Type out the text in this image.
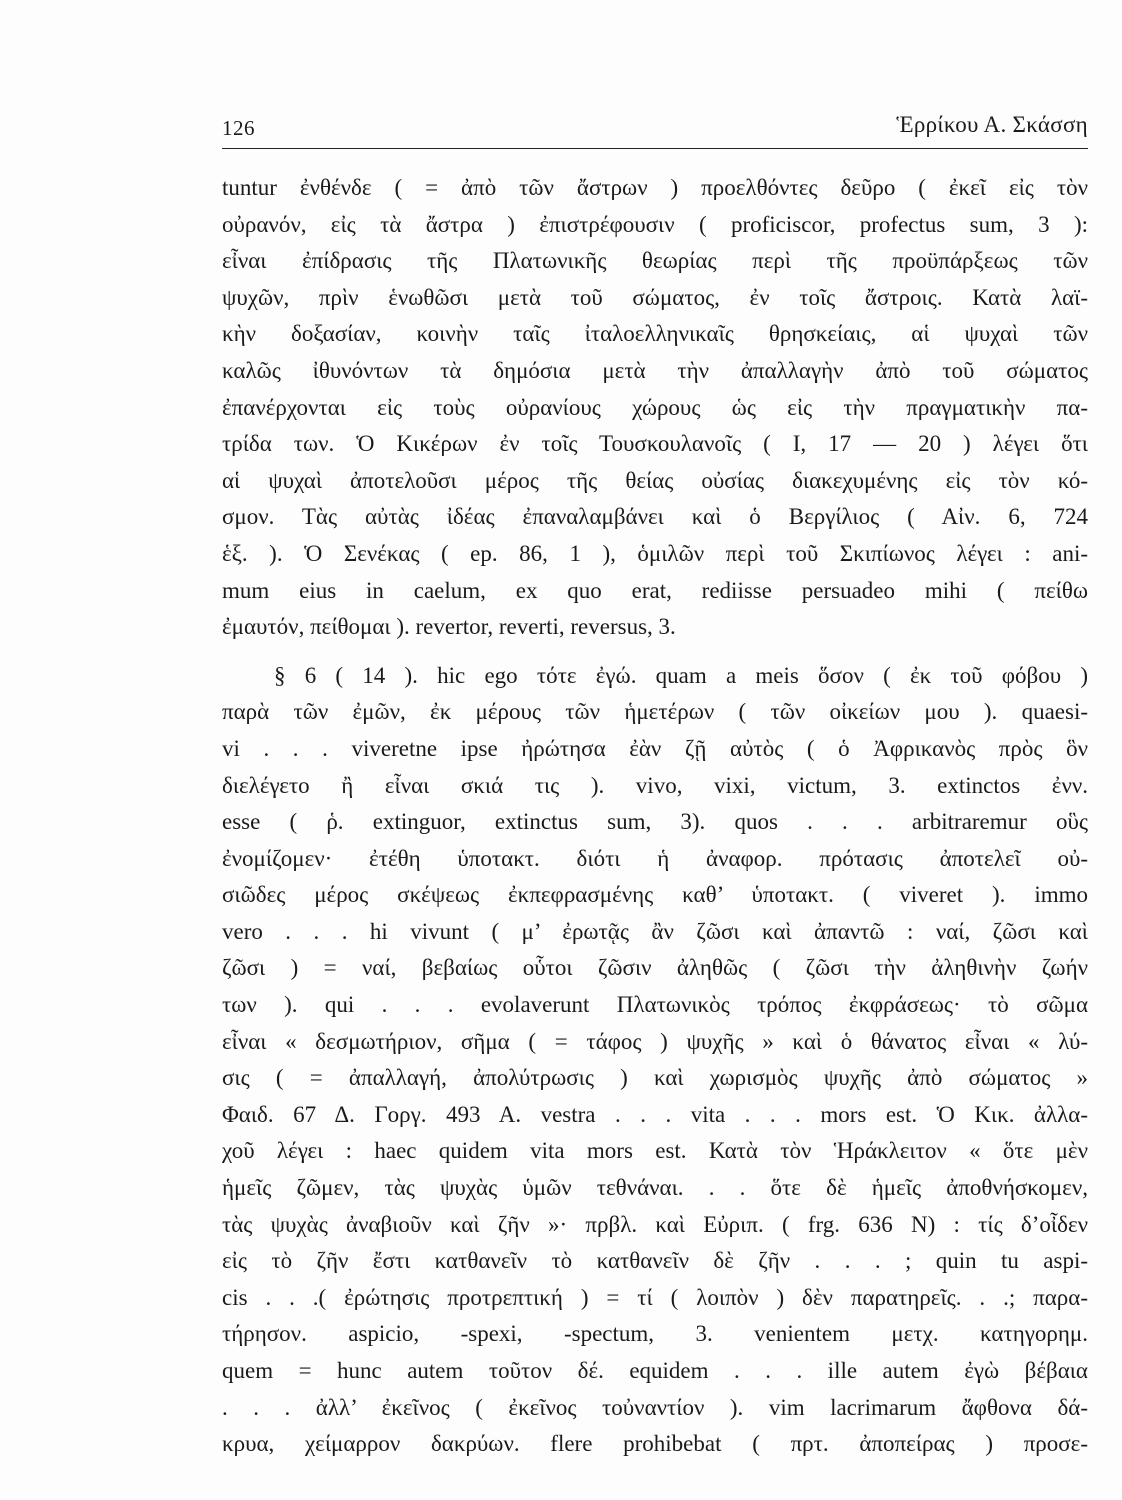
126	Ἑρρίκου Α. Σκάσση
tuntur ἐνθένδε ( = ἀπὸ τῶν ἄστρων ) προελθόντες δεῦρο ( ἐκεῖ εἰς τὸν
οὐρανόν, εἰς τὰ ἄστρα ) ἐπιστρέφουσιν ( proficiscor, profectus sum, 3 ):
εἶναι ἐπίδρασις τῆς Πλατωνικῆς θεωρίας περὶ τῆς προϋπάρξεως τῶν
ψυχῶν, πρὶν ἑνωθῶσι μετὰ τοῦ σώματος, ἐν τοῖς ἄστροις. Κατὰ λαϊ-
κὴν δοξασίαν, κοινὴν ταῖς ἰταλοελληνικαῖς θρησκείαις, αἱ ψυχαὶ τῶν
καλῶς ἰθυνόντων τὰ δημόσια μετὰ τὴν ἀπαλλαγὴν ἀπὸ τοῦ σώματος
ἐπανέρχονται εἰς τοὺς οὐρανίους χώρους ὡς εἰς τὴν πραγματικὴν πα-
τρίδα των. Ὁ Κικέρων ἐν τοῖς Τουσκουλανοῖς ( I, 17 — 20 ) λέγει ὅτι
αἱ ψυχαὶ ἀποτελοῦσι μέρος τῆς θείας οὐσίας διακεχυμένης εἰς τὸν κό-
σμον. Τὰς αὐτὰς ἰδέας ἐπαναλαμβάνει καὶ ὁ Βεργίλιος ( Αἰν. 6, 724
ἑξ. ). Ὁ Σενέκας ( ep. 86, 1 ), ὁμιλῶν περὶ τοῦ Σκιπίωνος λέγει : ani-
mum eius in caelum, ex quo erat, rediisse persuadeo mihi ( πείθω
ἐμαυτόν, πείθομαι ). revertor, reverti, reversus, 3.
§ 6 ( 14 ). hic ego τότε ἐγώ. quam a meis ὅσον ( ἐκ τοῦ φόβου )
παρὰ τῶν ἐμῶν, ἐκ μέρους τῶν ἡμετέρων ( τῶν οἰκείων μου ). quaesi-
vi . . . viveretne ipse ἠρώτησα ἐὰν ζῇ αὐτὸς ( ὁ Ἀφρικανὸς πρὸς ὃν
διελέγετο ἢ εἶναι σκιά τις ). vivo, vixi, victum, 3. extinctos ἐνν.
esse ( ῥ. extinguor, extinctus sum, 3). quos . . . arbitraremur οὓς
ἐνομίζομεν· ἐτέθη ὑποτακτ. διότι ἡ ἀναφορ. πρότασις ἀποτελεῖ οὐ-
σιῶδες μέρος σκέψεως ἐκπεφρασμένης καθ’ ὑποτακτ. ( viveret ). immo
vero . . . hi vivunt ( μ’ ἐρωτᾷς ἂν ζῶσι καὶ ἀπαντῶ : ναί, ζῶσι καὶ
ζῶσι ) = ναί, βεβαίως οὗτοι ζῶσιν ἀληθῶς ( ζῶσι τὴν ἀληθινὴν ζωήν
των ). qui . . . evolaverunt Πλατωνικὸς τρόπος ἐκφράσεως· τὸ σῶμα
εἶναι « δεσμωτήριον, σῆμα ( = τάφος ) ψυχῆς » καὶ ὁ θάνατος εἶναι « λύ-
σις ( = ἀπαλλαγή, ἀπολύτρωσις ) καὶ χωρισμὸς ψυχῆς ἀπὸ σώματος »
Φαιδ. 67 Δ. Γοργ. 493 Α. vestra . . . vita . . . mors est. Ὁ Κικ. ἀλλα-
χοῦ λέγει : haec quidem vita mors est. Κατὰ τὸν Ἡράκλειτον « ὅτε μὲν
ἡμεῖς ζῶμεν, τὰς ψυχὰς ὑμῶν τεθνάναι. . . ὅτε δὲ ἡμεῖς ἀποθνήσκομεν,
τὰς ψυχὰς ἀναβιοῦν καὶ ζῆν »· πρβλ. καὶ Εὐριπ. ( frg. 636 N) : τίς δ’οἶδεν
εἰς τὸ ζῆν ἔστι κατθανεῖν τὸ κατθανεῖν δὲ ζῆν . . . ; quin tu aspi-
cis . . .( ἐρώτησις προτρεπτική ) = τί ( λοιπὸν ) δὲν παρατηρεῖς. . .; παρα-
τήρησον. aspicio, -spexi, -spectum, 3. venientem μετχ. κατηγορημ.
quem = hunc autem τοῦτον δέ. equidem . . . ille autem ἐγὼ βέβαια
. . . ἀλλ’ ἐκεῖνος ( ἐκεῖνος τοὐναντίον ). vim lacrimarum ἄφθονα δά-
κρυα, χείμαρρον δακρύων. flere prohibebat ( πρτ. ἀποπείρας ) προσε-
